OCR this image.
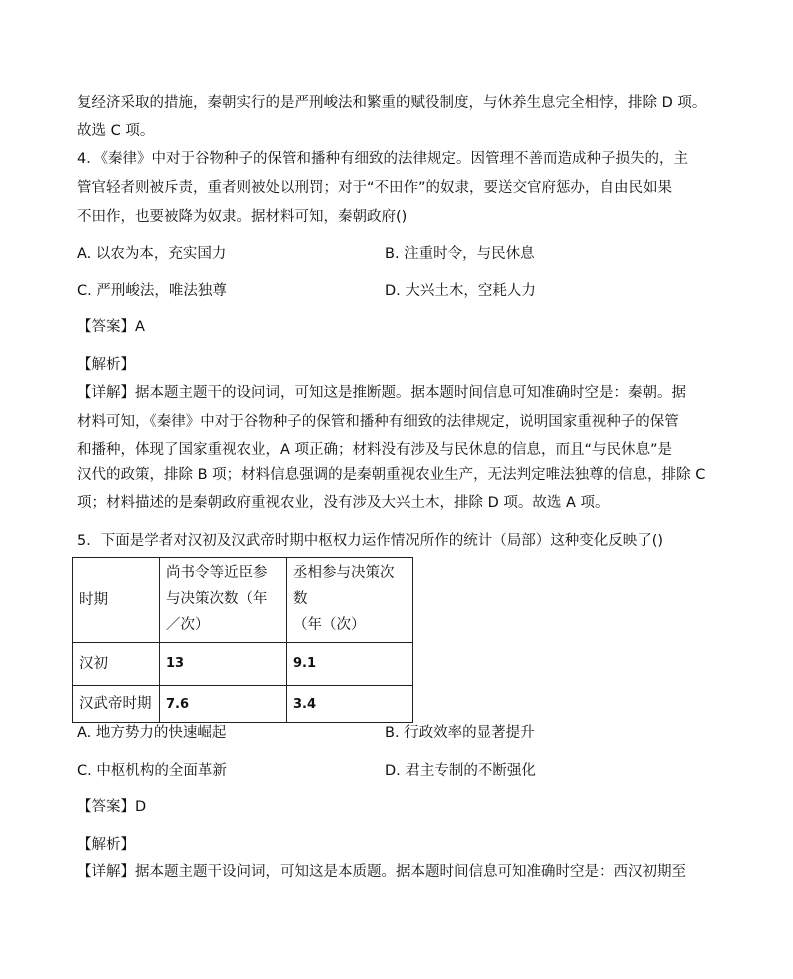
复经济采取的措施，秦朝实行的是严刑峻法和繁重的赋役制度，与休养生息完全相悖，排除 D 项。
故选 C 项。
4．《秦律》中对于谷物种子的保管和播种有细致的法律规定。因管理不善而造成种子损失的，主
管官轻者则被斥责，重者则被处以刑罚；对于“不田作”的奴隶，要送交官府惩办，自由民如果
不田作，也要被降为奴隶。据材料可知，秦朝政府()
A. 以农为本，充实国力	B. 注重时令，与民休息
C. 严刑峻法，唯法独尊	D. 大兴土木，空耗人力
【答案】A
【解析】
【详解】据本题主题干的设问词，可知这是推断题。据本题时间信息可知准确时空是：秦朝。据
材料可知，《秦律》中对于谷物种子的保管和播种有细致的法律规定，说明国家重视种子的保管
和播种，体现了国家重视农业，A 项正确；材料没有涉及与民休息的信息，而且“与民休息”是
汉代的政策，排除 B 项；材料信息强调的是秦朝重视农业生产，无法判定唯法独尊的信息，排除 C
项；材料描述的是秦朝政府重视农业，没有涉及大兴土木，排除 D 项。故选 A 项。
5．下面是学者对汉初及汉武帝时期中枢权力运作情况所作的统计（局部）这种变化反映了()
时期	尚书令等近臣参
与决策次数（年
／次）	丞相参与决策次数
（年（次）
汉初	13	9.1

汉武帝时期	7.6	3.4
A. 地方势力的快速崛起	B. 行政效率的显著提升
C. 中枢机构的全面革新	D. 君主专制的不断强化
【答案】D
【解析】
【详解】据本题主题干设问词，可知这是本质题。据本题时间信息可知准确时空是：西汉初期至
